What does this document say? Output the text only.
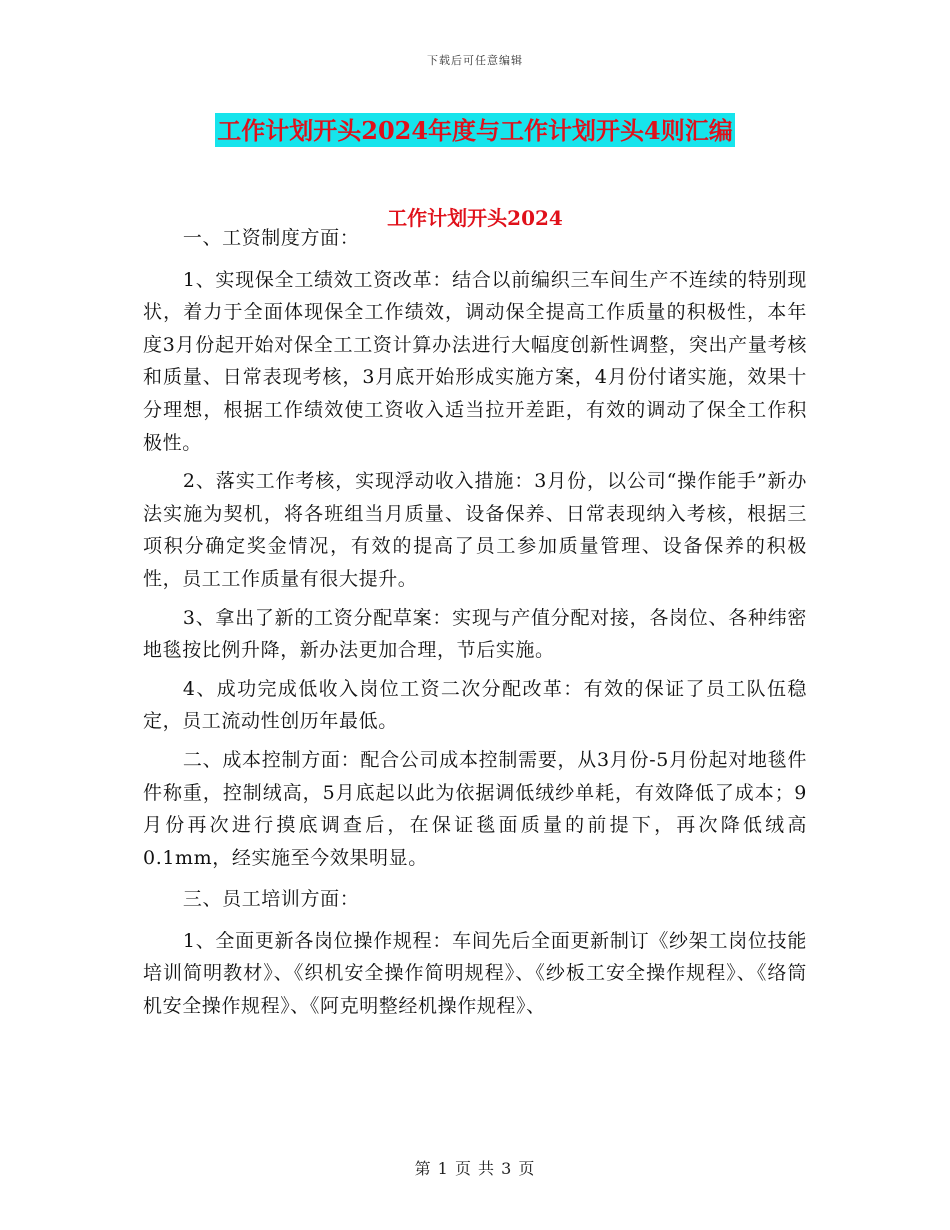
下载后可任意编辑
工作计划开头2024年度与工作计划开头4则汇编
工作计划开头2024

一、工资制度方面：

1、实现保全工绩效工资改革：结合以前编织三车间生产不连续的特别现状，着力于全面体现保全工作绩效，调动保全提高工作质量的积极性，本年度3月份起开始对保全工工资计算办法进行大幅度创新性调整，突出产量考核和质量、日常表现考核，3月底开始形成实施方案，4月份付诸实施，效果十分理想，根据工作绩效使工资收入适当拉开差距，有效的调动了保全工作积极性。

2、落实工作考核，实现浮动收入措施：3月份，以公司“操作能手”新办法实施为契机，将各班组当月质量、设备保养、日常表现纳入考核，根据三项积分确定奖金情况，有效的提高了员工参加质量管理、设备保养的积极性，员工工作质量有很大提升。

3、拿出了新的工资分配草案：实现与产值分配对接，各岗位、各种纬密地毯按比例升降，新办法更加合理，节后实施。

4、成功完成低收入岗位工资二次分配改革：有效的保证了员工队伍稳定，员工流动性创历年最低。

二、成本控制方面：配合公司成本控制需要，从3月份-5月份起对地毯件件称重，控制绒高，5月底起以此为依据调低绒纱单耗，有效降低了成本；9月份再次进行摸底调查后，在保证毯面质量的前提下，再次降低绒高0.1mm，经实施至今效果明显。

三、员工培训方面：

1、全面更新各岗位操作规程：车间先后全面更新制订《纱架工岗位技能培训简明教材》、《织机安全操作简明规程》、《纱板工安全操作规程》、《络筒机安全操作规程》、《阿克明整经机操作规程》、

第 1 页 共 3 页
